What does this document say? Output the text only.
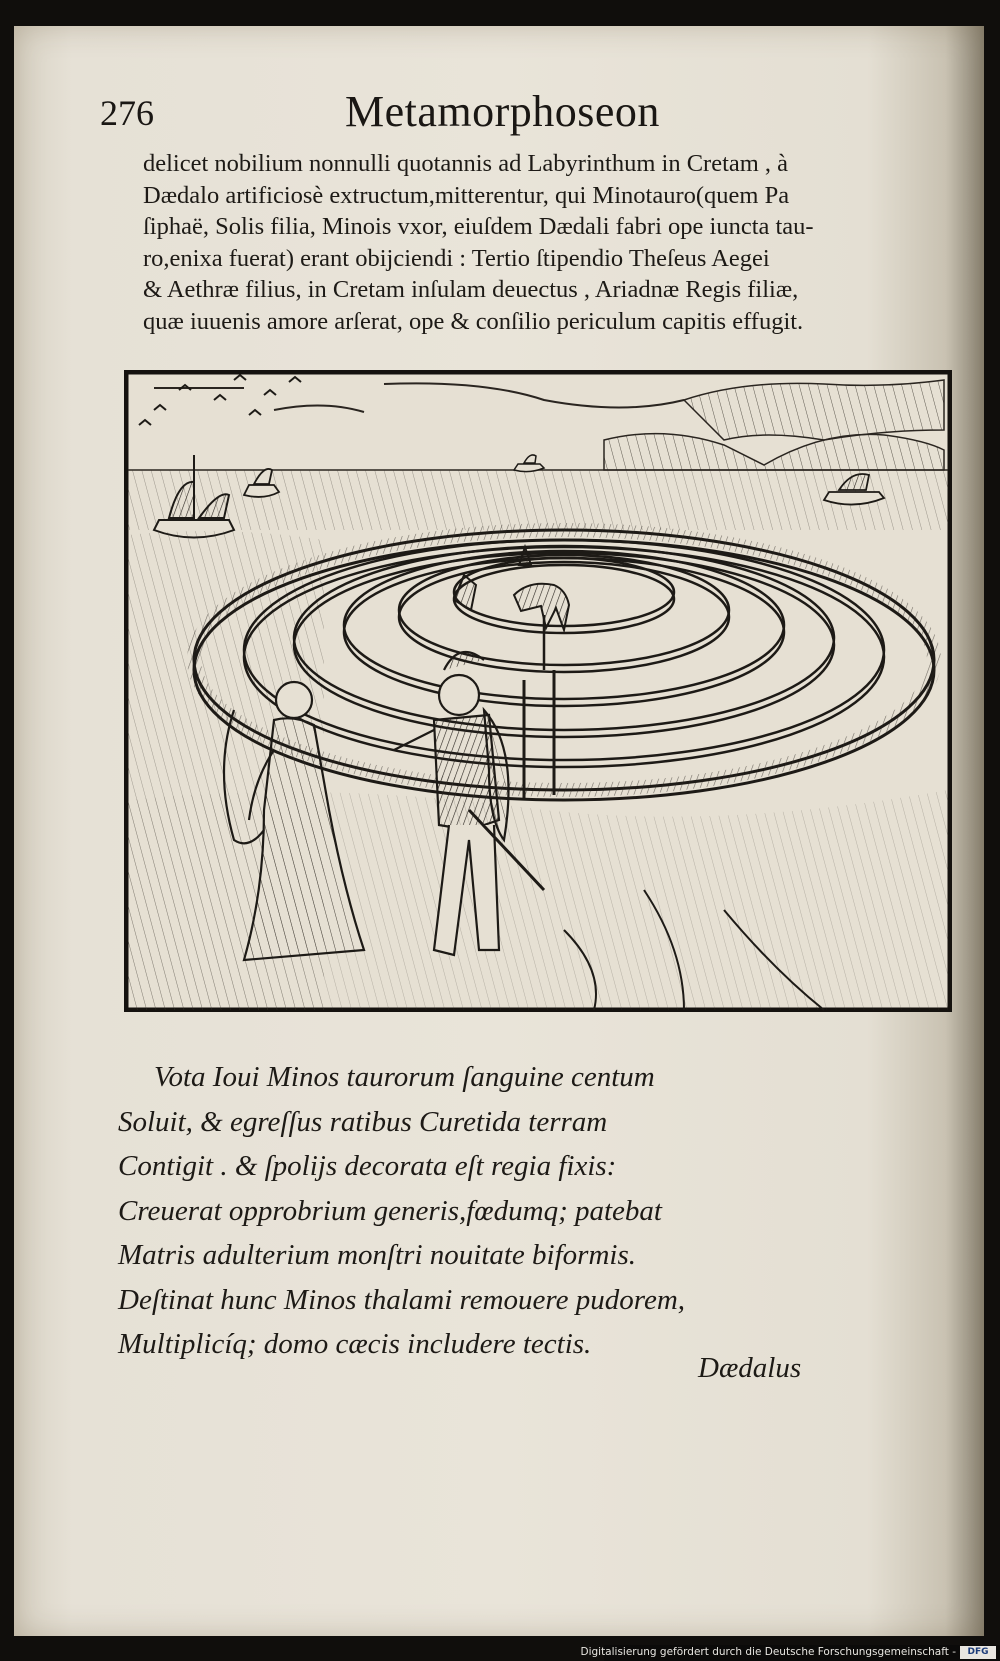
276	Metamorphoseon
delicet nobilium nonnulli quotannis ad Labyrinthum in Cretam , à
Dædalo artificiosè extructum,mitterentur, qui Minotauro(quem Pa
ſiphaë, Solis filia, Minois vxor, eiuſdem Dædali fabri ope iuncta tau-
ro,enixa fuerat) erant obijciendi : Tertio ſtipendio Theſeus Aegei
& Aethræ filius, in Cretam inſulam deuectus , Ariadnæ Regis filiæ,
quæ iuuenis amore arſerat, ope & conſilio periculum capitis effugit.
Vota Ioui Minos taurorum ſanguine centum
Soluit, & egreſſus ratibus Curetida terram
Contigit . & ſpolijs decorata eſt regia fixis:
Creuerat opprobrium generis,fœdumq; patebat
Matris adulterium monſtri nouitate biformis.
Deſtinat hunc Minos thalami remouere pudorem,
Multiplicíq; domo cæcis includere tectis.
Dædalus
Digitalisierung gefördert durch die Deutsche Forschungsgemeinschaft -	DFG
